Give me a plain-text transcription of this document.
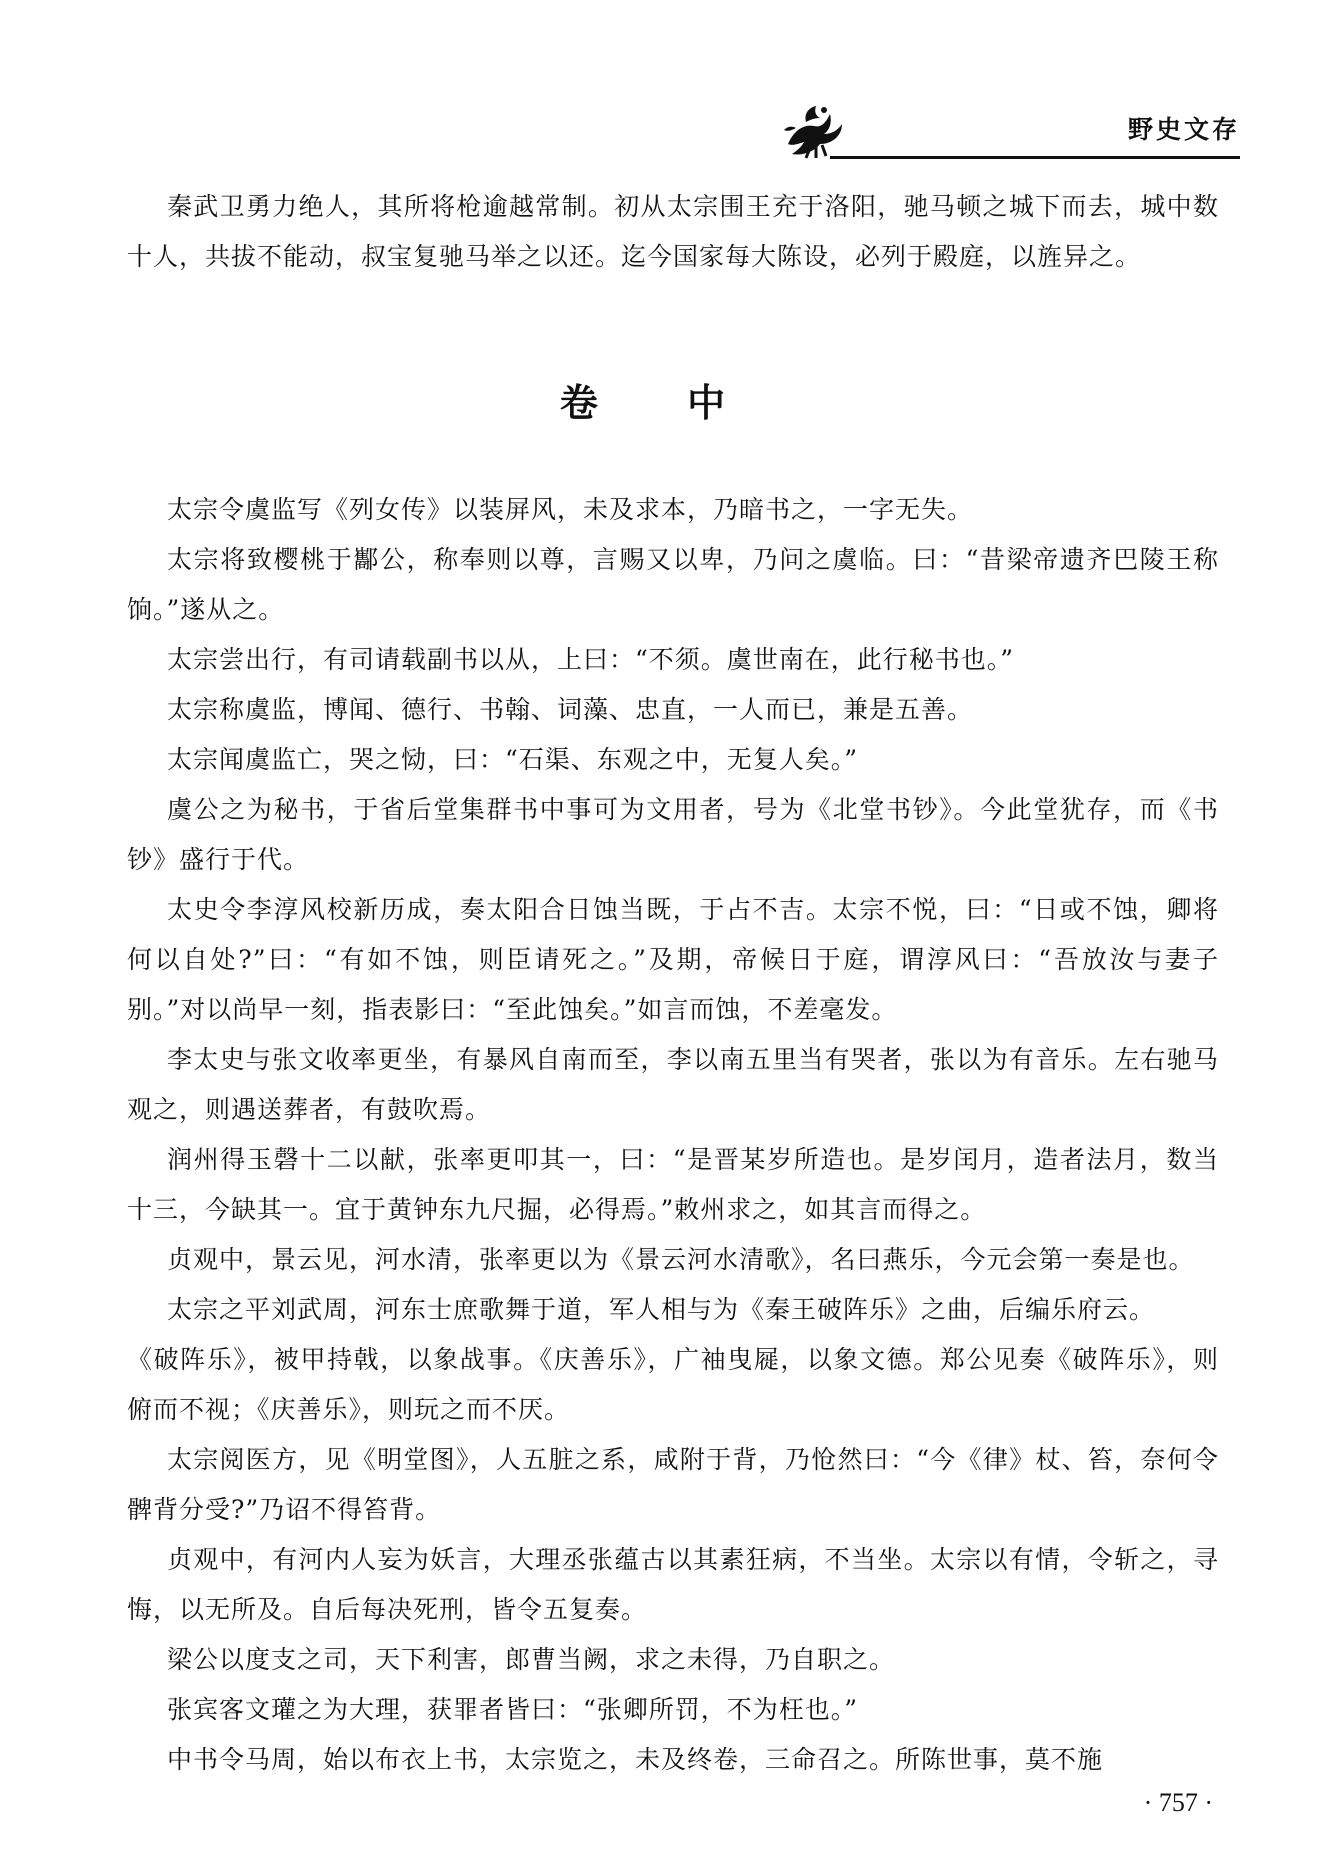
野史文存

秦武卫勇力绝人，其所将枪逾越常制。初从太宗围王充于洛阳，驰马顿之城下而去，城中数十人，共拔不能动，叔宝复驰马举之以还。迄今国家每大陈设，必列于殿庭，以旌异之。

卷 中

太宗令虞监写《列女传》以装屏风，未及求本，乃暗书之，一字无失。

太宗将致樱桃于酅公，称奉则以尊，言赐又以卑，乃问之虞临。曰：“昔梁帝遗齐巴陵王称饷。”遂从之。

太宗尝出行，有司请载副书以从，上曰：“不须。虞世南在，此行秘书也。”

太宗称虞监，博闻、德行、书翰、词藻、忠直，一人而已，兼是五善。

太宗闻虞监亡，哭之恸，曰：“石渠、东观之中，无复人矣。”

虞公之为秘书，于省后堂集群书中事可为文用者，号为《北堂书钞》。今此堂犹存，而《书钞》盛行于代。

太史令李淳风校新历成，奏太阳合日蚀当既，于占不吉。太宗不悦，曰：“日或不蚀，卿将何以自处?”曰：“有如不蚀，则臣请死之。”及期，帝候日于庭，谓淳风曰：“吾放汝与妻子别。”对以尚早一刻，指表影曰：“至此蚀矣。”如言而蚀，不差毫发。

李太史与张文收率更坐，有暴风自南而至，李以南五里当有哭者，张以为有音乐。左右驰马观之，则遇送葬者，有鼓吹焉。

润州得玉磬十二以献，张率更叩其一，曰：“是晋某岁所造也。是岁闰月，造者法月，数当十三，今缺其一。宜于黄钟东九尺掘，必得焉。”敕州求之，如其言而得之。

贞观中，景云见，河水清，张率更以为《景云河水清歌》，名曰燕乐，今元会第一奏是也。

太宗之平刘武周，河东士庶歌舞于道，军人相与为《秦王破阵乐》之曲，后编乐府云。

《破阵乐》，被甲持戟，以象战事。《庆善乐》，广袖曳屣，以象文德。郑公见奏《破阵乐》，则俯而不视；《庆善乐》，则玩之而不厌。

太宗阅医方，见《明堂图》，人五脏之系，咸附于背，乃怆然曰：“今《律》杖、笞，奈何令髀背分受?”乃诏不得笞背。

贞观中，有河内人妄为妖言，大理丞张蕴古以其素狂病，不当坐。太宗以有情，令斩之，寻悔，以无所及。自后每决死刑，皆令五复奏。

梁公以度支之司，天下利害，郎曹当阙，求之未得，乃自职之。

张宾客文瓘之为大理，获罪者皆曰：“张卿所罚，不为枉也。”

中书令马周，始以布衣上书，太宗览之，未及终卷，三命召之。所陈世事，莫不施

· 757 ·
